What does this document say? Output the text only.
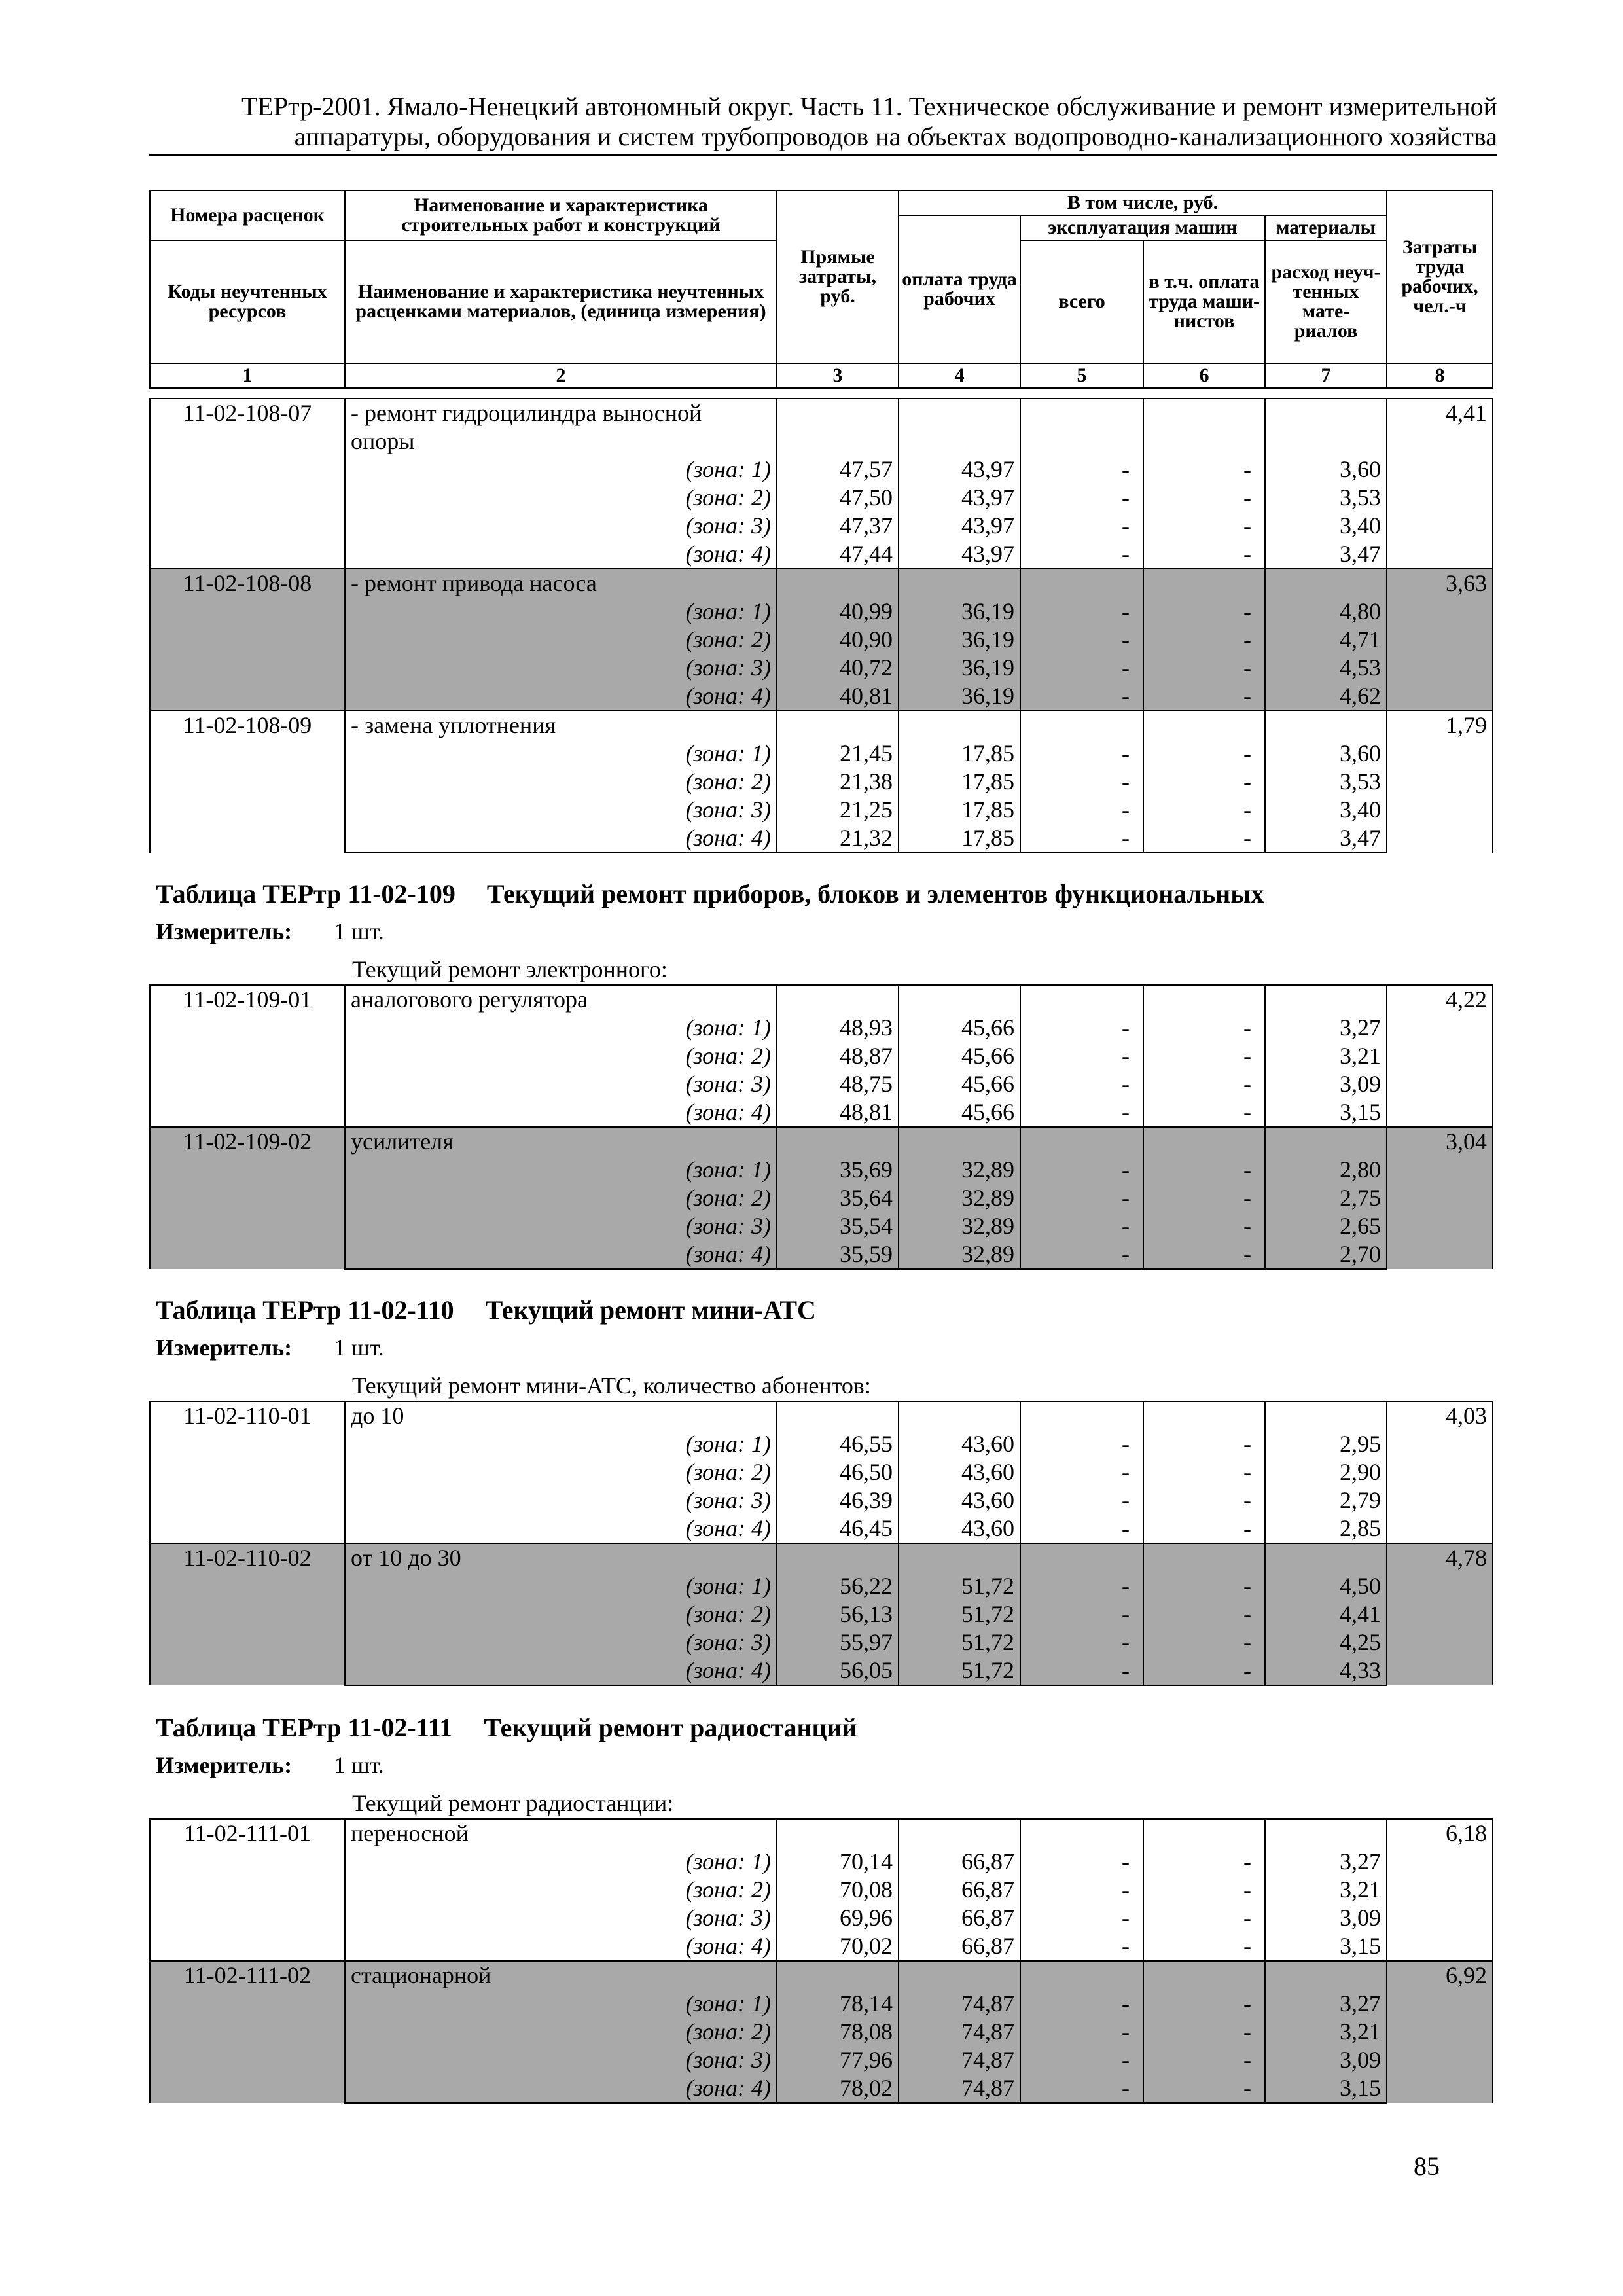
ТЕРтр-2001. Ямало-Ненецкий автономный округ. Часть 11. Техническое обслуживание и ремонт измерительной
аппаратуры, оборудования и систем трубопроводов на объектах водопроводно-канализационного хозяйства
Номера расценок	Наименование и характеристика строительных работ и конструкций	Прямые затраты, руб.	В том числе, руб.				Затраты труда рабочих, чел.-ч
			оплата труда рабочих	эксплуатация машин		материалы	
Коды неучтенных ресурсов	Наименование и характеристика неучтенных расценками материалов, (единица измерения)			всего	в т.ч. оплата труда маши- нистов	расход неуч- тенных мате- риалов	

1	2	3	4	5	6	7	8
11-02-108-07	- ремонт гидроцилиндра выносной						4,41
	опоры						
	(зона: 1)	47,57	43,97	-	-	3,60	
	(зона: 2)	47,50	43,97	-	-	3,53	
	(зона: 3)	47,37	43,97	-	-	3,40	
	(зона: 4)	47,44	43,97	-	-	3,47	
11-02-108-08	- ремонт привода насоса						3,63
	(зона: 1)	40,99	36,19	-	-	4,80	
	(зона: 2)	40,90	36,19	-	-	4,71	
	(зона: 3)	40,72	36,19	-	-	4,53	
	(зона: 4)	40,81	36,19	-	-	4,62	
11-02-108-09	- замена уплотнения						1,79
	(зона: 1)	21,45	17,85	-	-	3,60	
	(зона: 2)	21,38	17,85	-	-	3,53	
	(зона: 3)	21,25	17,85	-	-	3,40	
	(зона: 4)	21,32	17,85	-	-	3,47	
Таблица ТЕРтр 11-02-109 Текущий ремонт приборов, блоков и элементов функциональных
Измеритель: 1 шт.
Текущий ремонт электронного:
11-02-109-01	аналогового регулятора						4,22
	(зона: 1)	48,93	45,66	-	-	3,27	
	(зона: 2)	48,87	45,66	-	-	3,21	
	(зона: 3)	48,75	45,66	-	-	3,09	
	(зона: 4)	48,81	45,66	-	-	3,15	
11-02-109-02	усилителя						3,04
	(зона: 1)	35,69	32,89	-	-	2,80	
	(зона: 2)	35,64	32,89	-	-	2,75	
	(зона: 3)	35,54	32,89	-	-	2,65	
	(зона: 4)	35,59	32,89	-	-	2,70	
Таблица ТЕРтр 11-02-110 Текущий ремонт мини-АТС
Измеритель: 1 шт.
Текущий ремонт мини-АТС, количество абонентов:
11-02-110-01	до 10						4,03
	(зона: 1)	46,55	43,60	-	-	2,95	
	(зона: 2)	46,50	43,60	-	-	2,90	
	(зона: 3)	46,39	43,60	-	-	2,79	
	(зона: 4)	46,45	43,60	-	-	2,85	
11-02-110-02	от 10 до 30						4,78
	(зона: 1)	56,22	51,72	-	-	4,50	
	(зона: 2)	56,13	51,72	-	-	4,41	
	(зона: 3)	55,97	51,72	-	-	4,25	
	(зона: 4)	56,05	51,72	-	-	4,33	
Таблица ТЕРтр 11-02-111 Текущий ремонт радиостанций
Измеритель: 1 шт.
Текущий ремонт радиостанции:
11-02-111-01	переносной						6,18
	(зона: 1)	70,14	66,87	-	-	3,27	
	(зона: 2)	70,08	66,87	-	-	3,21	
	(зона: 3)	69,96	66,87	-	-	3,09	
	(зона: 4)	70,02	66,87	-	-	3,15	
11-02-111-02	стационарной						6,92
	(зона: 1)	78,14	74,87	-	-	3,27	
	(зона: 2)	78,08	74,87	-	-	3,21	
	(зона: 3)	77,96	74,87	-	-	3,09	
	(зона: 4)	78,02	74,87	-	-	3,15	
85
